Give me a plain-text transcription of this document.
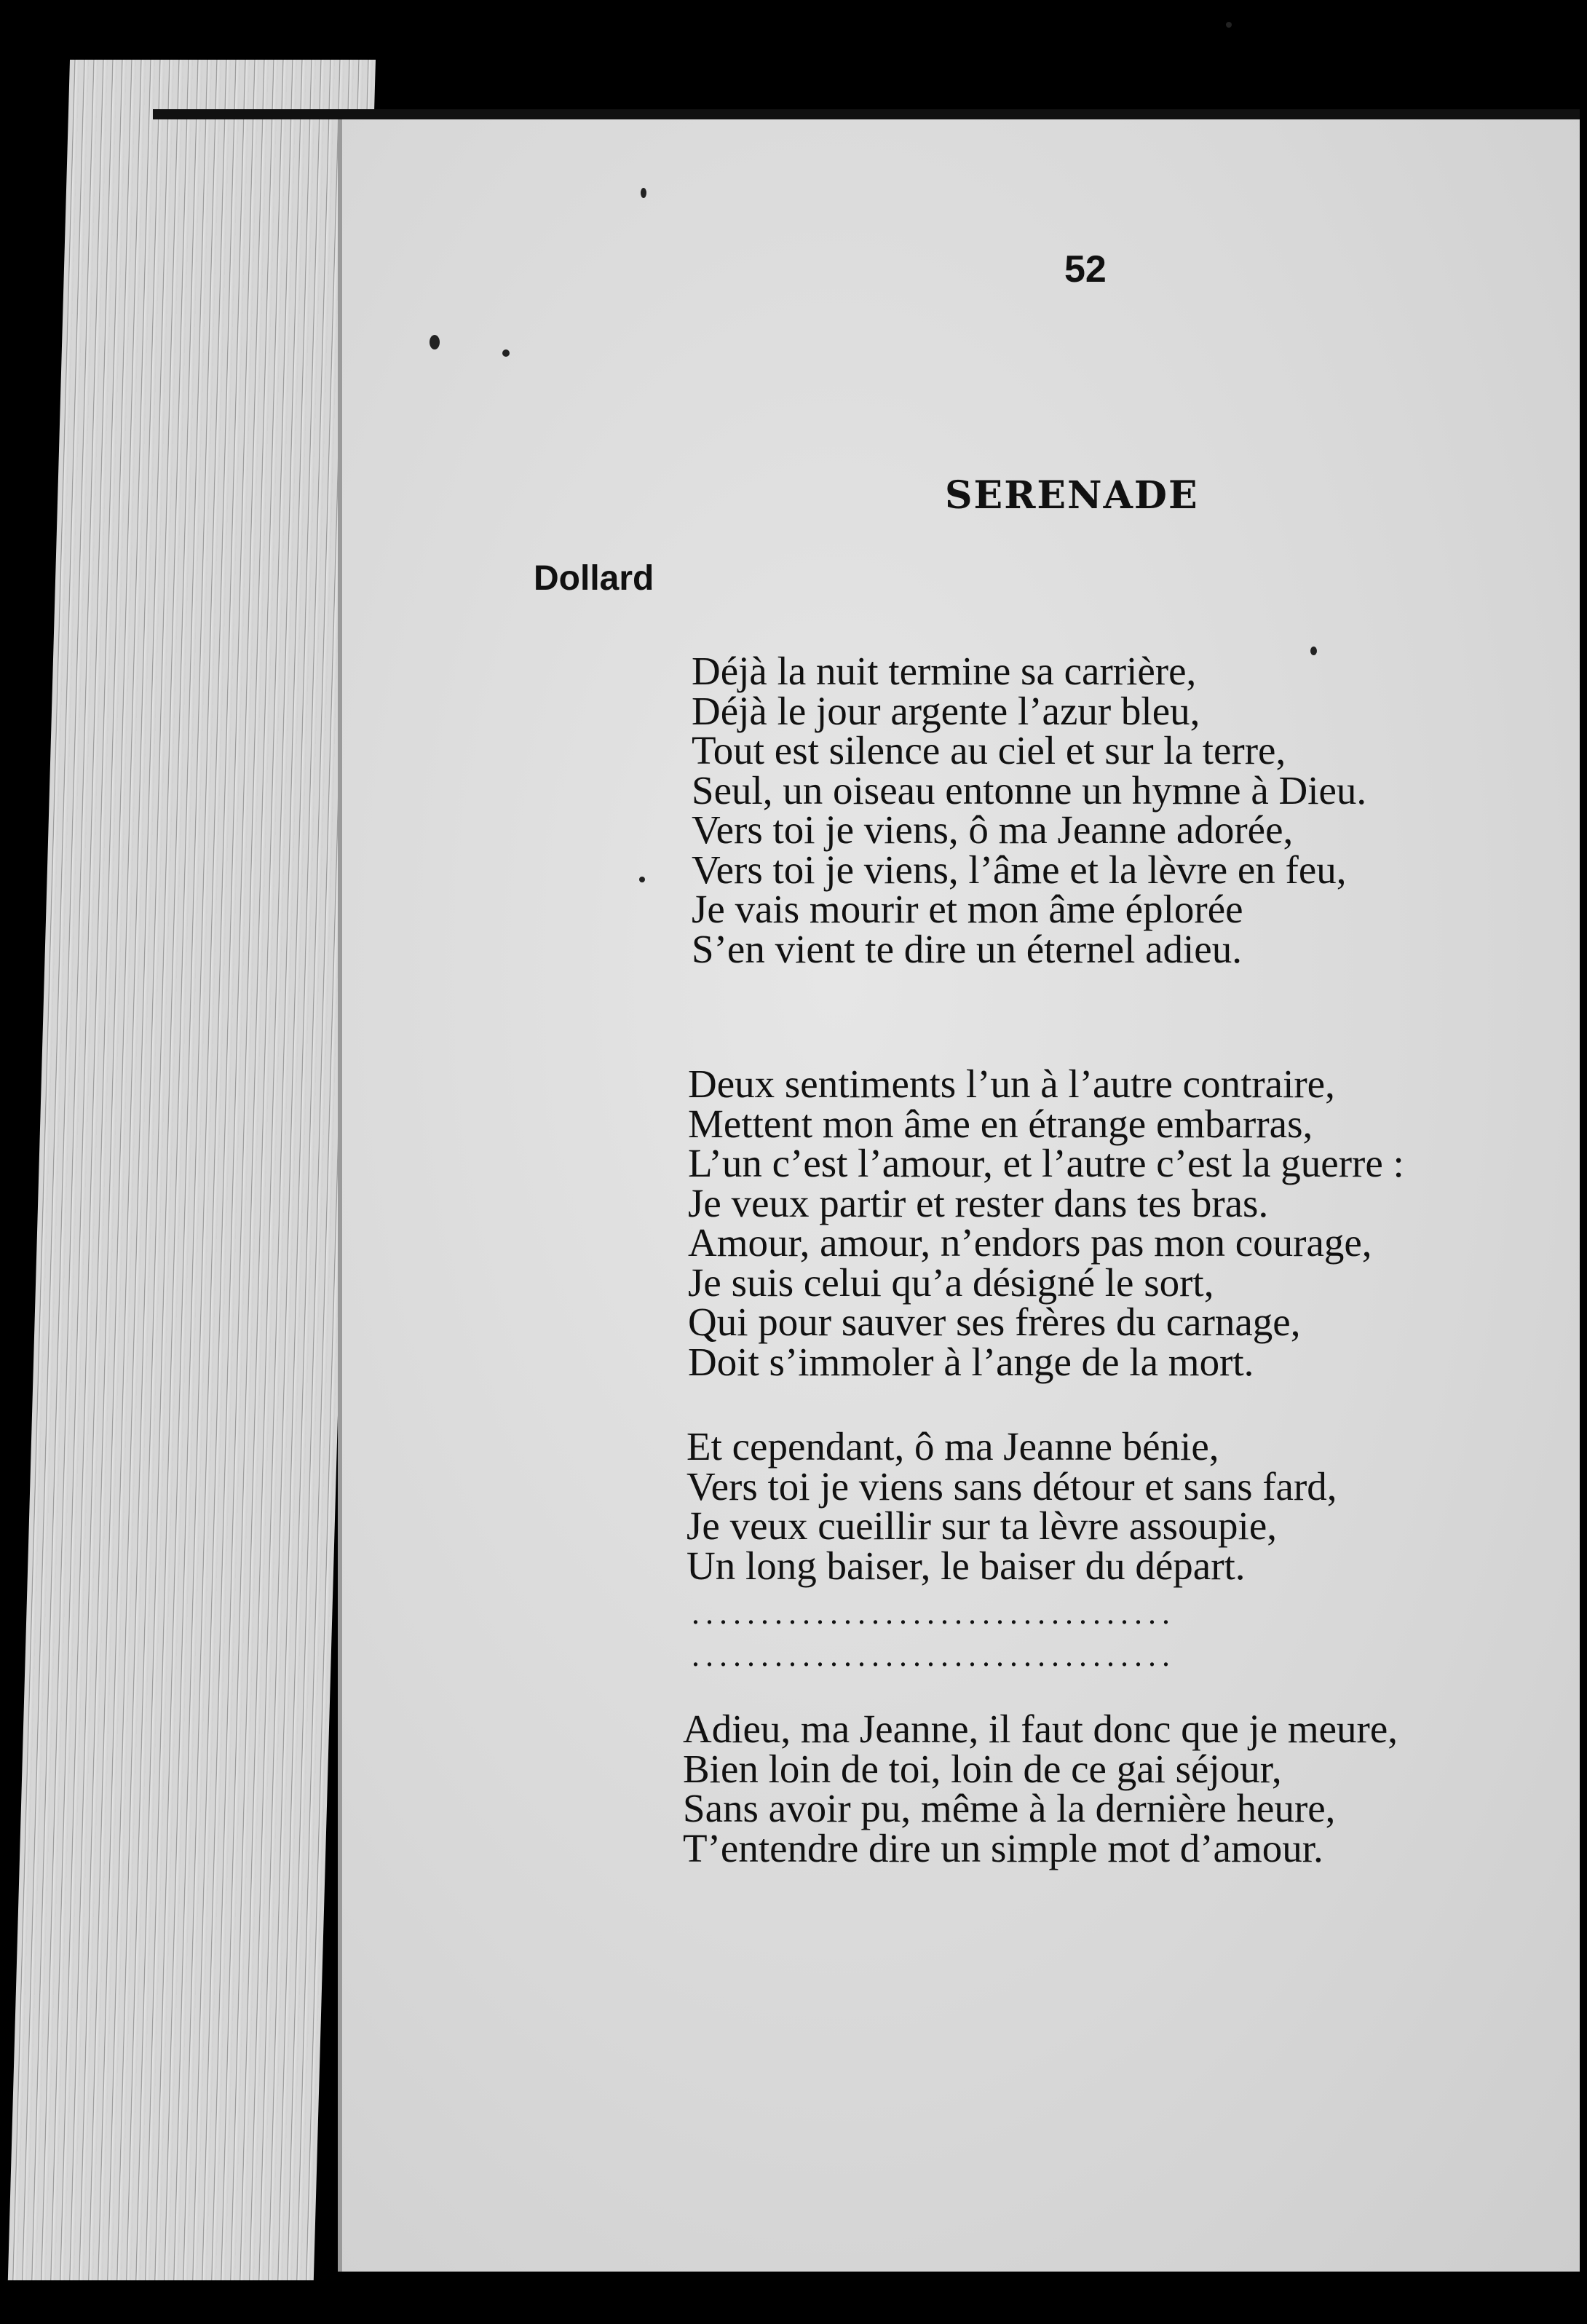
52
SERENADE
Dollard
Déjà la nuit termine sa carrière,
Déjà le jour argente l’azur bleu,
Tout est silence au ciel et sur la terre,
Seul, un oiseau entonne un hymne à Dieu.
Vers toi je viens, ô ma Jeanne adorée,
Vers toi je viens, l’âme et la lèvre en feu,
Je vais mourir et mon âme éplorée
S’en vient te dire un éternel adieu.
Deux sentiments l’un à l’autre contraire,
Mettent mon âme en étrange embarras,
L’un c’est l’amour, et l’autre c’est la guerre :
Je veux partir et rester dans tes bras.
Amour, amour, n’endors pas mon courage,
Je suis celui qu’a désigné le sort,
Qui pour sauver ses frères du carnage,
Doit s’immoler à l’ange de la mort.
Et cependant, ô ma Jeanne bénie,
Vers toi je viens sans détour et sans fard,
Je veux cueillir sur ta lèvre assoupie,
Un long baiser, le baiser du départ.
...................................
...................................
Adieu, ma Jeanne, il faut donc que je meure,
Bien loin de toi, loin de ce gai séjour,
Sans avoir pu, même à la dernière heure,
T’entendre dire un simple mot d’amour.
